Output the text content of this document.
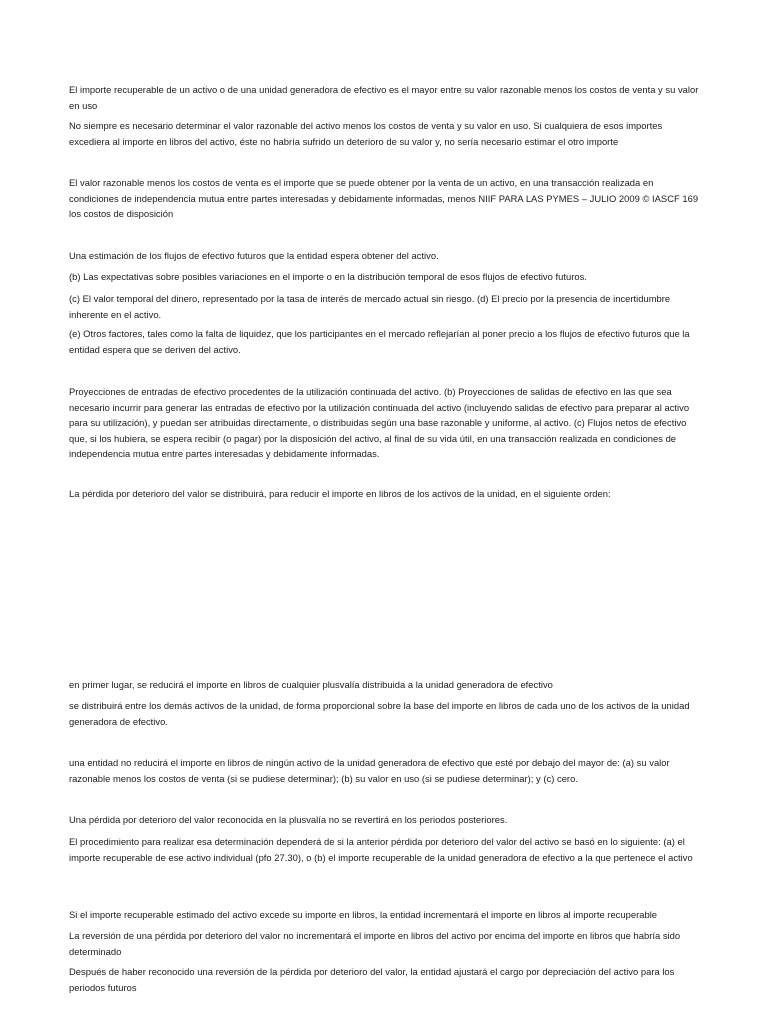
El importe recuperable de un activo o de una unidad generadora de efectivo es el mayor entre su valor razonable menos los costos de venta y su valor en uso

No siempre es necesario determinar el valor razonable del activo menos los costos de venta y su valor en uso. Si cualquiera de esos importes excediera al importe en libros del activo, éste no habría sufrido un deterioro de su valor y, no sería necesario estimar el otro importe

El valor razonable menos los costos de venta es el importe que se puede obtener por la venta de un activo, en una transacción realizada en condiciones de independencia mutua entre partes interesadas y debidamente informadas, menos NIIF PARA LAS PYMES – JULIO 2009 © IASCF 169 los costos de disposición

Una estimación de los flujos de efectivo futuros que la entidad espera obtener del activo.

(b) Las expectativas sobre posibles variaciones en el importe o en la distribución temporal de esos flujos de efectivo futuros.

(c) El valor temporal del dinero, representado por la tasa de interés de mercado actual sin riesgo. (d) El precio por la presencia de incertidumbre inherente en el activo.

(e) Otros factores, tales como la falta de liquidez, que los participantes en el mercado reflejarían al poner precio a los flujos de efectivo futuros que la entidad espera que se deriven del activo.

Proyecciones de entradas de efectivo procedentes de la utilización continuada del activo. (b) Proyecciones de salidas de efectivo en las que sea necesario incurrir para generar las entradas de efectivo por la utilización continuada del activo (incluyendo salidas de efectivo para preparar al activo para su utilización), y puedan ser atribuidas directamente, o distribuidas según una base razonable y uniforme, al activo. (c) Flujos netos de efectivo que, si los hubiera, se espera recibir (o pagar) por la disposición del activo, al final de su vida útil, en una transacción realizada en condiciones de independencia mutua entre partes interesadas y debidamente informadas.

La pérdida por deterioro del valor se distribuirá, para reducir el importe en libros de los activos de la unidad, en el siguiente orden:

en primer lugar, se reducirá el importe en libros de cualquier plusvalía distribuida a la unidad generadora de efectivo

se distribuirá entre los demás activos de la unidad, de forma proporcional sobre la base del importe en libros de cada uno de los activos de la unidad generadora de efectivo.

una entidad no reducirá el importe en libros de ningún activo de la unidad generadora de efectivo que esté por debajo del mayor de: (a) su valor razonable menos los costos de venta (si se pudiese determinar); (b) su valor en uso (si se pudiese determinar); y (c) cero.

Una pérdida por deterioro del valor reconocida en la plusvalía no se revertirá en los periodos posteriores.

El procedimiento para realizar esa determinación dependerá de si la anterior pérdida por deterioro del valor del activo se basó en lo siguiente: (a) el importe recuperable de ese activo individual (pfo 27.30), o (b) el importe recuperable de la unidad generadora de efectivo a la que pertenece el activo

Si el importe recuperable estimado del activo excede su importe en libros, la entidad incrementará el importe en libros al importe recuperable

La reversión de una pérdida por deterioro del valor no incrementará el importe en libros del activo por encima del importe en libros que habría sido determinado

Después de haber reconocido una reversión de la pérdida por deterioro del valor, la entidad ajustará el cargo por depreciación del activo para los periodos futuros
